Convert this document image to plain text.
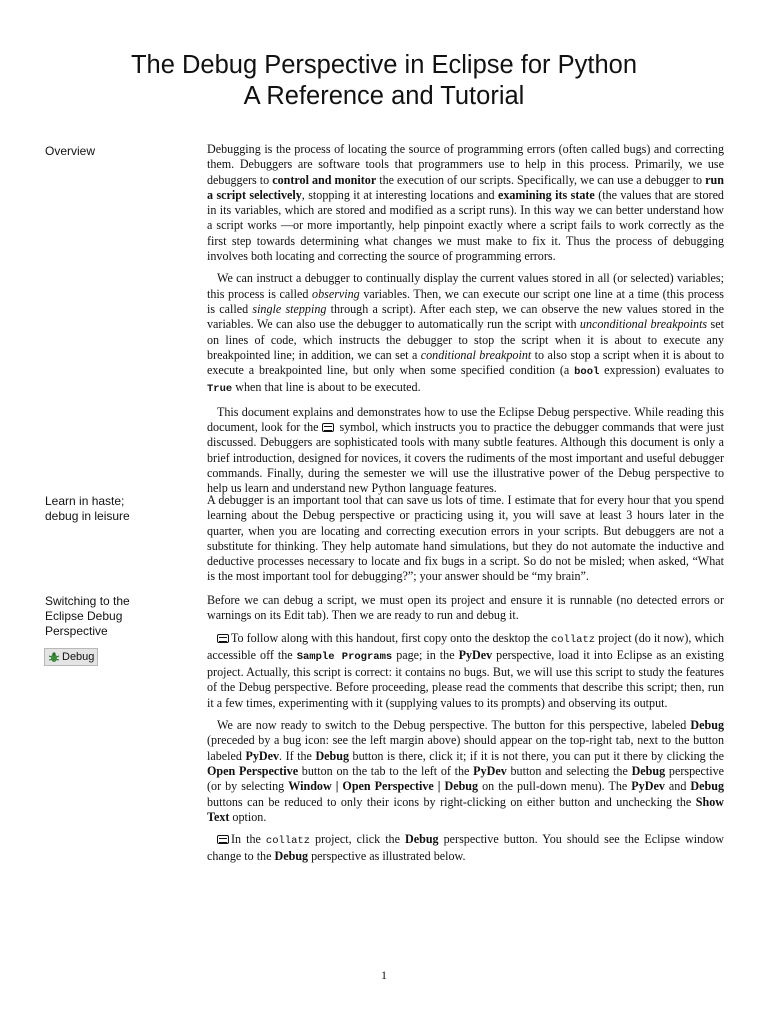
The Debug Perspective in Eclipse for Python
A Reference and Tutorial
Overview
Learn in haste;
debug in leisure
Switching to the
Eclipse Debug
Perspective
Debug

Debugging is the process of locating the source of programming errors (often called bugs) and correcting them. Debuggers are software tools that programmers use to help in this process. Primarily, we use debuggers to control and monitor the execution of our scripts. Specifically, we can use a debugger to run a script selectively, stopping it at interesting locations and examining its state (the values that are stored in its variables, which are stored and modified as a script runs). In this way we can better understand how a script works —or more importantly, help pinpoint exactly where a script fails to work correctly as the first step towards determining what changes we must make to fix it. Thus the process of debugging involves both locating and correcting the source of programming errors.

We can instruct a debugger to continually display the current values stored in all (or selected) variables; this process is called observing variables. Then, we can execute our script one line at a time (this process is called single stepping through a script). After each step, we can observe the new values stored in the variables. We can also use the debugger to automatically run the script with unconditional breakpoints set on lines of code, which instructs the debugger to stop the script when it is about to execute any breakpointed line; in addition, we can set a conditional breakpoint to also stop a script when it is about to execute a breakpointed line, but only when some specified condition (a bool expression) evaluates to True when that line is about to be executed.

This document explains and demonstrates how to use the Eclipse Debug perspective. While reading this document, look for the  symbol, which instructs you to practice the debugger commands that were just discussed. Debuggers are sophisticated tools with many subtle features. Although this document is only a brief introduction, designed for novices, it covers the rudiments of the most important and useful debugger commands. Finally, during the semester we will use the illustrative power of the Debug perspective to help us learn and understand new Python language features.

A debugger is an important tool that can save us lots of time. I estimate that for every hour that you spend learning about the Debug perspective or practicing using it, you will save at least 3 hours later in the quarter, when you are locating and correcting execution errors in your scripts. But debuggers are not a substitute for thinking. They help automate hand simulations, but they do not automate the inductive and deductive processes necessary to locate and fix bugs in a script. So do not be misled; when asked, “What is the most important tool for debugging?”; your answer should be “my brain”.

Before we can debug a script, we must open its project and ensure it is runnable (no detected errors or warnings on its Edit tab). Then we are ready to run and debug it.

To follow along with this handout, first copy onto the desktop the collatz project (do it now), which accessible off the Sample Programs page; in the PyDev perspective, load it into Eclipse as an existing project. Actually, this script is correct: it contains no bugs. But, we will use this script to study the features of the Debug perspective. Before proceeding, please read the comments that describe this script; then, run it a few times, experimenting with it (supplying values to its prompts) and observing its output.

We are now ready to switch to the Debug perspective. The button for this perspective, labeled Debug (preceded by a bug icon: see the left margin above) should appear on the top-right tab, next to the button labeled PyDev. If the Debug button is there, click it; if it is not there, you can put it there by clicking the Open Perspective button on the tab to the left of the PyDev button and selecting the Debug perspective (or by selecting Window | Open Perspective | Debug on the pull-down menu). The PyDev and Debug buttons can be reduced to only their icons by right-clicking on either button and unchecking the Show Text option.

In the collatz project, click the Debug perspective button. You should see the Eclipse window change to the Debug perspective as illustrated below.

1
